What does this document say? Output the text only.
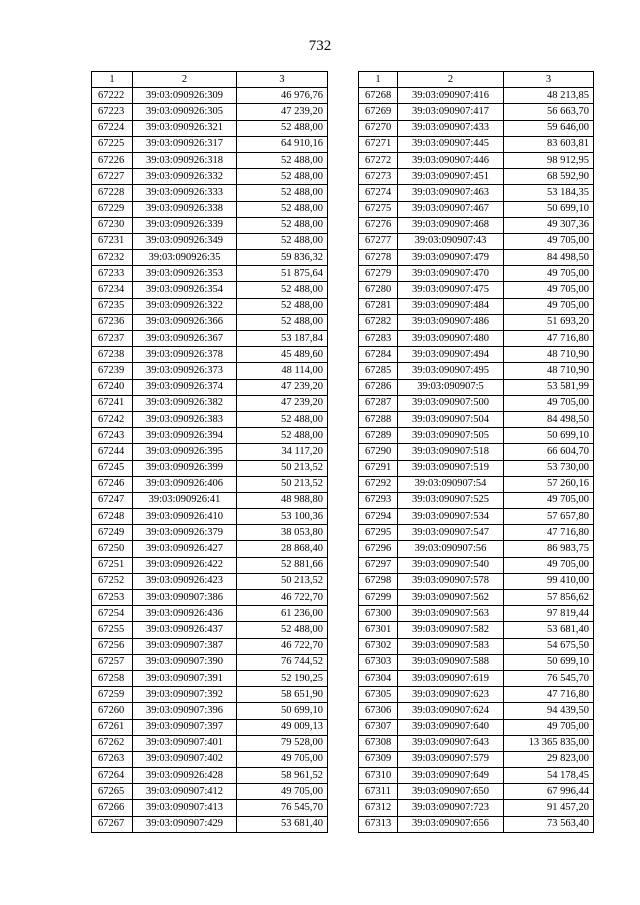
732
1	2	3
67222	39:03:090926:309	46 976,76
67223	39:03:090926:305	47 239,20
67224	39:03:090926:321	52 488,00
67225	39:03:090926:317	64 910,16
67226	39:03:090926:318	52 488,00
67227	39:03:090926:332	52 488,00
67228	39:03:090926:333	52 488,00
67229	39:03:090926:338	52 488,00
67230	39:03:090926:339	52 488,00
67231	39:03:090926:349	52 488,00
67232	39:03:090926:35	59 836,32
67233	39:03:090926:353	51 875,64
67234	39:03:090926:354	52 488,00
67235	39:03:090926:322	52 488,00
67236	39:03:090926:366	52 488,00
67237	39:03:090926:367	53 187,84
67238	39:03:090926:378	45 489,60
67239	39:03:090926:373	48 114,00
67240	39:03:090926:374	47 239,20
67241	39:03:090926:382	47 239,20
67242	39:03:090926:383	52 488,00
67243	39:03:090926:394	52 488,00
67244	39:03:090926:395	34 117,20
67245	39:03:090926:399	50 213,52
67246	39:03:090926:406	50 213,52
67247	39:03:090926:41	48 988,80
67248	39:03:090926:410	53 100,36
67249	39:03:090926:379	38 053,80
67250	39:03:090926:427	28 868,40
67251	39:03:090926:422	52 881,66
67252	39:03:090926:423	50 213,52
67253	39:03:090907:386	46 722,70
67254	39:03:090926:436	61 236,00
67255	39:03:090926:437	52 488,00
67256	39:03:090907:387	46 722,70
67257	39:03:090907:390	76 744,52
67258	39:03:090907:391	52 190,25
67259	39:03:090907:392	58 651,90
67260	39:03:090907:396	50 699,10
67261	39:03:090907:397	49 009,13
67262	39:03:090907:401	79 528,00
67263	39:03:090907:402	49 705,00
67264	39:03:090926:428	58 961,52
67265	39:03:090907:412	49 705,00
67266	39:03:090907:413	76 545,70
67267	39:03:090907:429	53 681,40
1	2	3
67268	39:03:090907:416	48 213,85
67269	39:03:090907:417	56 663,70
67270	39:03:090907:433	59 646,00
67271	39:03:090907:445	83 603,81
67272	39:03:090907:446	98 912,95
67273	39:03:090907:451	68 592,90
67274	39:03:090907:463	53 184,35
67275	39:03:090907:467	50 699,10
67276	39:03:090907:468	49 307,36
67277	39:03:090907:43	49 705,00
67278	39:03:090907:479	84 498,50
67279	39:03:090907:470	49 705,00
67280	39:03:090907:475	49 705,00
67281	39:03:090907:484	49 705,00
67282	39:03:090907:486	51 693,20
67283	39:03:090907:480	47 716,80
67284	39:03:090907:494	48 710,90
67285	39:03:090907:495	48 710,90
67286	39:03:090907:5	53 581,99
67287	39:03:090907:500	49 705,00
67288	39:03:090907:504	84 498,50
67289	39:03:090907:505	50 699,10
67290	39:03:090907:518	66 604,70
67291	39:03:090907:519	53 730,00
67292	39:03:090907:54	57 260,16
67293	39:03:090907:525	49 705,00
67294	39:03:090907:534	57 657,80
67295	39:03:090907:547	47 716,80
67296	39:03:090907:56	86 983,75
67297	39:03:090907:540	49 705,00
67298	39:03:090907:578	99 410,00
67299	39:03:090907:562	57 856,62
67300	39:03:090907:563	97 819,44
67301	39:03:090907:582	53 681,40
67302	39:03:090907:583	54 675,50
67303	39:03:090907:588	50 699,10
67304	39:03:090907:619	76 545,70
67305	39:03:090907:623	47 716,80
67306	39:03:090907:624	94 439,50
67307	39:03:090907:640	49 705,00
67308	39:03:090907:643	13 365 835,00
67309	39:03:090907:579	29 823,00
67310	39:03:090907:649	54 178,45
67311	39:03:090907:650	67 996,44
67312	39:03:090907:723	91 457,20
67313	39:03:090907:656	73 563,40
